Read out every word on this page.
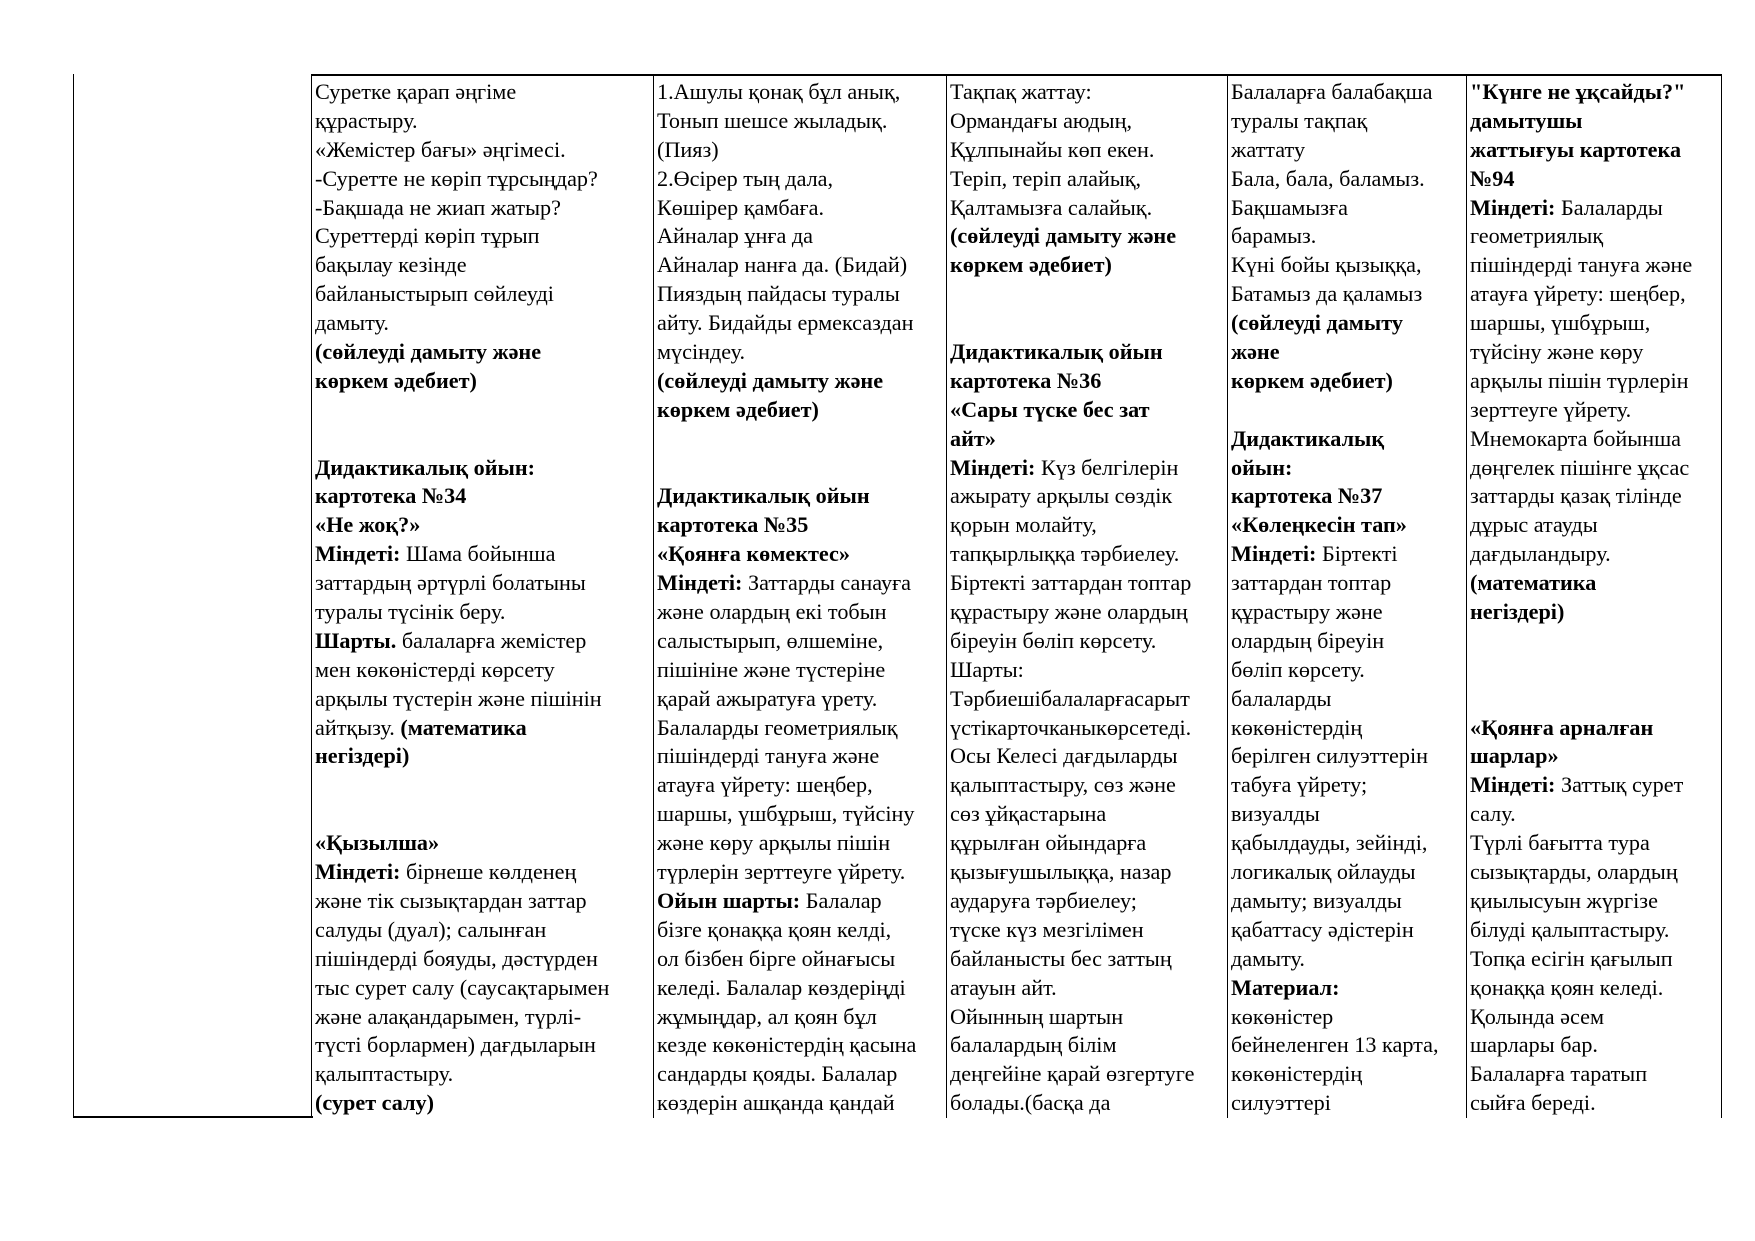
Суретке қарап әңгіме
құрастыру.
«Жемістер бағы» әңгімесі.
-Суретте не көріп тұрсыңдар?
-Бақшада не жиап жатыр?
Суреттерді көріп тұрып
бақылау кезінде
байланыстырып сөйлеуді
дамыту.
(сөйлеуді дамыту және
көркем әдебиет)
Дидактикалық ойын:
картотека №34
«Не жоқ?»
Міндеті: Шама бойынша
заттардың әртүрлі болатыны
туралы түсінік беру.
Шарты. балаларға жемістер
мен көкөністерді көрсету
арқылы түстерін және пішінін
айтқызу. (математика
негіздері)
«Қызылша»
Міндеті: бірнеше көлденең
және тік сызықтардан заттар
салуды (дуал); салынған
пішіндерді бояуды, дәстүрден
тыс сурет салу (саусақтарымен
және алақандарымен, түрлі-
түсті борлармен) дағдыларын
қалыптастыру.
(сурет салу)
1.Ашулы қонақ бұл анық,
Тонып шешсе жыладық.
(Пияз)
2.Өсірер тың дала,
Көшірер қамбаға.
Айналар ұнға да
Айналар нанға да. (Бидай)
Пияздың пайдасы туралы
айту. Бидайды ермексаздан
мүсіндеу.
(сөйлеуді дамыту және
көркем әдебиет)
Дидактикалық ойын
картотека №35
«Қоянға көмектес»
Міндеті: Заттарды санауға
және олардың екі тобын
салыстырып, өлшеміне,
пішініне және түстеріне
қарай ажыратуға үрету.
Балаларды геометриялық
пішіндерді тануға және
атауға үйрету: шеңбер,
шаршы, үшбұрыш, түйсіну
және көру арқылы пішін
түрлерін зерттеуге үйрету.
Ойын шарты: Балалар
бізге қонаққа қоян келді,
ол бізбен бірге ойнағысы
келеді. Балалар көздеріңді
жұмыңдар, ал қоян бұл
кезде көкөністердің қасына
сандарды қояды. Балалар
көздерін ашқанда қандай
Тақпақ жаттау:
Ормандағы аюдың,
Құлпынайы көп екен.
Теріп, теріп алайық,
Қалтамызға салайық.
(сөйлеуді дамыту және
көркем әдебиет)
Дидактикалық ойын
картотека №36
«Сары түске бес зат
айт»
Міндеті: Күз белгілерін
ажырату арқылы сөздік
қорын молайту,
тапқырлыққа тәрбиелеу.
Біртекті заттардан топтар
құрастыру және олардың
біреуін бөліп көрсету.
Шарты:
Тәрбиешібалаларғасарыт
үстікарточканыкөрсетеді.
Осы Келесі дағдыларды
қалыптастыру, сөз және
сөз ұйқастарына
құрылған ойындарға
қызығушылыққа, назар
аударуға тәрбиелеу;
түске күз мезгілімен
байланысты бес заттың
атауын айт.
Ойынның шартын
балалардың білім
деңгейіне қарай өзгертуге
болады.(басқа да
Балаларға балабақша
туралы тақпақ
жаттату
Бала, бала, баламыз.
Бақшамызға
барамыз.
Күні бойы қызыққа,
Батамыз да қаламыз
(сөйлеуді дамыту
және
көркем әдебиет)
Дидактикалық
ойын:
картотека №37
«Көлеңкесін тап»
Міндеті: Біртекті
заттардан топтар
құрастыру және
олардың біреуін
бөліп көрсету.
балаларды
көкөністердің
берілген силуэттерін
табуға үйрету;
визуалды
қабылдауды, зейінді,
логикалық ойлауды
дамыту; визуалды
қабаттасу әдістерін
дамыту.
Материал:
көкөністер
бейнеленген 13 карта,
көкөністердің
силуэттері
"Күнге не ұқсайды?"
дамытушы
жаттығуы картотека
№94
Міндеті: Балаларды
геометриялық
пішіндерді тануға және
атауға үйрету: шеңбер,
шаршы, үшбұрыш,
түйсіну және көру
арқылы пішін түрлерін
зерттеуге үйрету.
Мнемокарта бойынша
дөңгелек пішінге ұқсас
заттарды қазақ тілінде
дұрыс атауды
дағдыландыру.
(математика
негіздері)
«Қоянға арналған
шарлар»
Міндеті: Заттық сурет
салу.
Түрлі бағытта тура
сызықтарды, олардың
қиылысуын жүргізе
білуді қалыптастыру.
Топқа есігін қағылып
қонаққа қоян келеді.
Қолында әсем
шарлары бар.
Балаларға таратып
сыйға береді.
